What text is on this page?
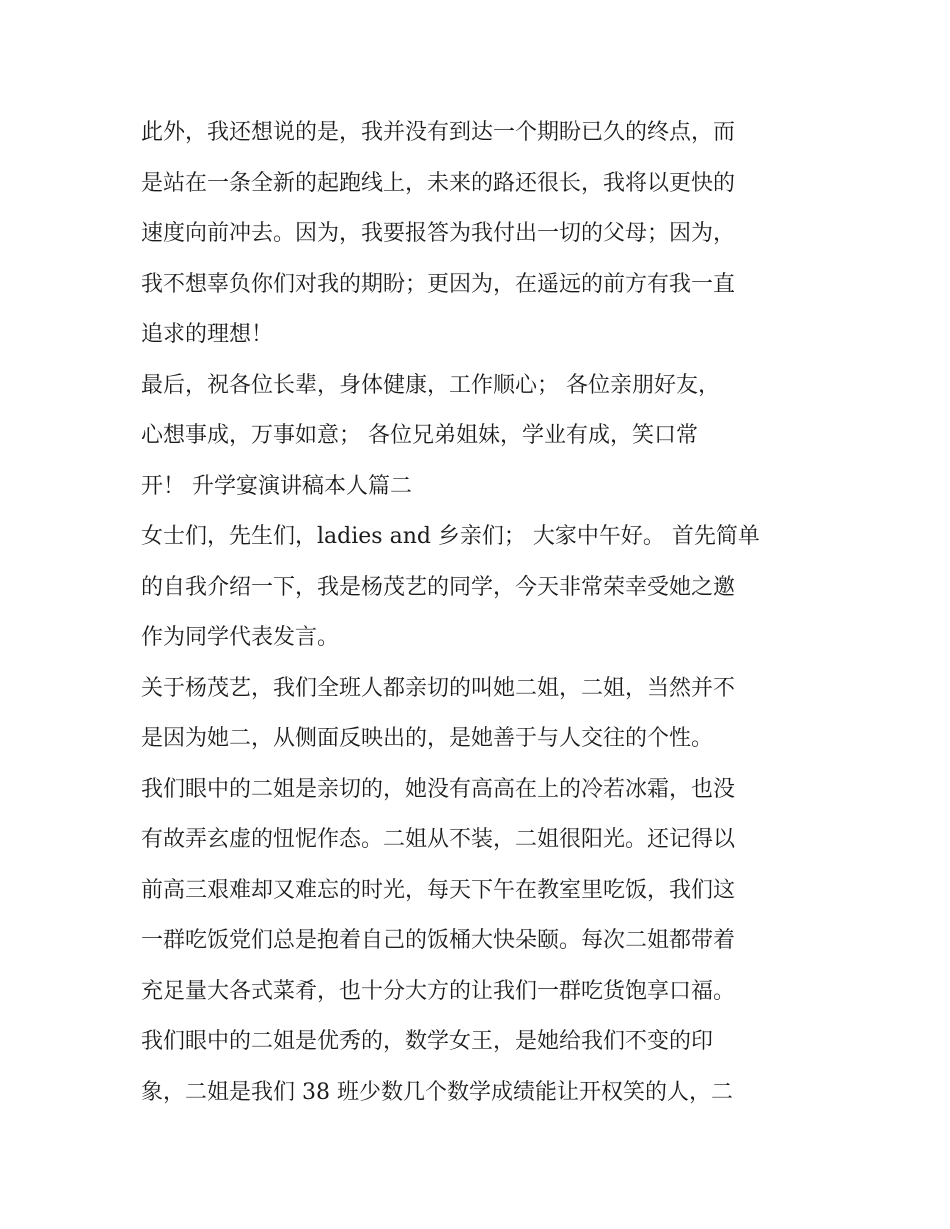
此外，我还想说的是，我并没有到达一个期盼已久的终点，而
是站在一条全新的起跑线上，未来的路还很长，我将以更快的
速度向前冲去。因为，我要报答为我付出一切的父母；因为，
我不想辜负你们对我的期盼；更因为，在遥远的前方有我一直
追求的理想！
最后，祝各位长辈，身体健康，工作顺心； 各位亲朋好友，
心想事成，万事如意； 各位兄弟姐妹，学业有成，笑口常
开！ 升学宴演讲稿本人篇二
女士们，先生们，ladies and 乡亲们； 大家中午好。 首先简单
的自我介绍一下，我是杨茂艺的同学，今天非常荣幸受她之邀
作为同学代表发言。
关于杨茂艺，我们全班人都亲切的叫她二姐，二姐，当然并不
是因为她二，从侧面反映出的，是她善于与人交往的个性。
我们眼中的二姐是亲切的，她没有高高在上的冷若冰霜，也没
有故弄玄虚的忸怩作态。二姐从不装，二姐很阳光。还记得以
前高三艰难却又难忘的时光，每天下午在教室里吃饭，我们这
一群吃饭党们总是抱着自己的饭桶大快朵颐。每次二姐都带着
充足量大各式菜肴，也十分大方的让我们一群吃货饱享口福。
我们眼中的二姐是优秀的，数学女王，是她给我们不变的印
象，二姐是我们 38 班少数几个数学成绩能让开权笑的人，二
